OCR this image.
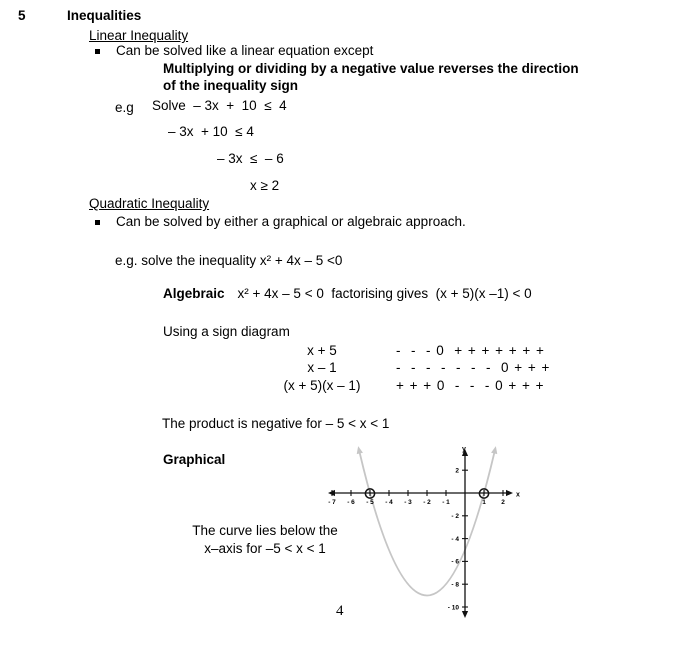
5	Inequalities
Linear Inequality
Can be solved like a linear equation except
Multiplying or dividing by a negative value reverses the direction
of the inequality sign
e.g Solve  – 3x  +  10  ≤  4
– 3x  + 10  ≤ 4
– 3x  ≤  – 6
x ≥ 2
Quadratic Inequality
Can be solved by either a graphical or algebraic approach.
e.g. solve the inequality x² + 4x – 5 <0
Algebraic x² + 4x – 5 < 0  factorising gives  (x + 5)(x –1) < 0
Using a sign diagram
x + 5	-  -  - 0  + + + + + + +
x – 1	-  -  -  -  -  -  -  0 + + +
(x + 5)(x – 1)	+ + + 0  -  -  - 0 + + +
The product is negative for – 5 < x < 1
Graphical
- 7 - 6 - 5 - 4 - 3 - 2 - 1	1 2
2
- 2
- 4
- 6
- 8
- 10
x
y
The curve lies below the
x–axis for –5 < x < 1
4
